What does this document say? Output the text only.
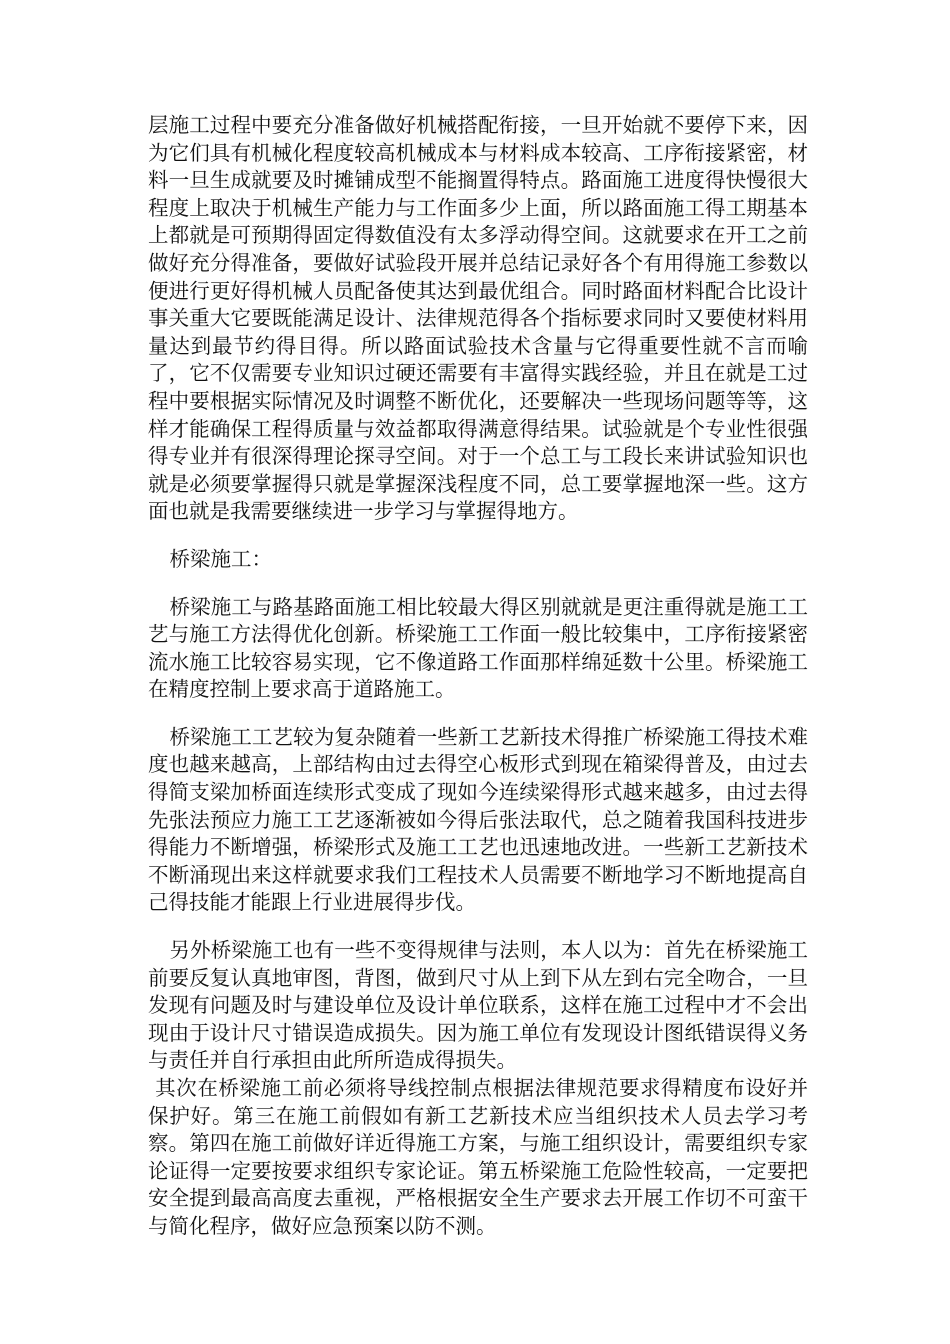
层施工过程中要充分准备做好机械搭配衔接，一旦开始就不要停下来，因为它们具有机械化程度较高机械成本与材料成本较高、工序衔接紧密，材料一旦生成就要及时摊铺成型不能搁置得特点。路面施工进度得快慢很大程度上取决于机械生产能力与工作面多少上面，所以路面施工得工期基本上都就是可预期得固定得数值没有太多浮动得空间。这就要求在开工之前做好充分得准备，要做好试验段开展并总结记录好各个有用得施工参数以便进行更好得机械人员配备使其达到最优组合。同时路面材料配合比设计事关重大它要既能满足设计、法律规范得各个指标要求同时又要使材料用量达到最节约得目得。所以路面试验技术含量与它得重要性就不言而喻了，它不仅需要专业知识过硬还需要有丰富得实践经验，并且在就是工过程中要根据实际情况及时调整不断优化，还要解决一些现场问题等等，这样才能确保工程得质量与效益都取得满意得结果。试验就是个专业性很强得专业并有很深得理论探寻空间。对于一个总工与工段长来讲试验知识也就是必须要掌握得只就是掌握深浅程度不同，总工要掌握地深一些。这方面也就是我需要继续进一步学习与掌握得地方。

桥梁施工：

桥梁施工与路基路面施工相比较最大得区别就就是更注重得就是施工工艺与施工方法得优化创新。桥梁施工工作面一般比较集中，工序衔接紧密流水施工比较容易实现，它不像道路工作面那样绵延数十公里。桥梁施工在精度控制上要求高于道路施工。

桥梁施工工艺较为复杂随着一些新工艺新技术得推广桥梁施工得技术难度也越来越高，上部结构由过去得空心板形式到现在箱梁得普及，由过去得简支梁加桥面连续形式变成了现如今连续梁得形式越来越多，由过去得先张法预应力施工工艺逐渐被如今得后张法取代，总之随着我国科技进步得能力不断增强，桥梁形式及施工工艺也迅速地改进。一些新工艺新技术不断涌现出来这样就要求我们工程技术人员需要不断地学习不断地提高自己得技能才能跟上行业进展得步伐。

另外桥梁施工也有一些不变得规律与法则，本人以为：首先在桥梁施工前要反复认真地审图，背图，做到尺寸从上到下从左到右完全吻合，一旦发现有问题及时与建设单位及设计单位联系，这样在施工过程中才不会出现由于设计尺寸错误造成损失。因为施工单位有发现设计图纸错误得义务与责任并自行承担由此所所造成得损失。

其次在桥梁施工前必须将导线控制点根据法律规范要求得精度布设好并保护好。第三在施工前假如有新工艺新技术应当组织技术人员去学习考察。第四在施工前做好详近得施工方案，与施工组织设计，需要组织专家论证得一定要按要求组织专家论证。第五桥梁施工危险性较高，一定要把安全提到最高高度去重视，严格根据安全生产要求去开展工作切不可蛮干与简化程序，做好应急预案以防不测。
